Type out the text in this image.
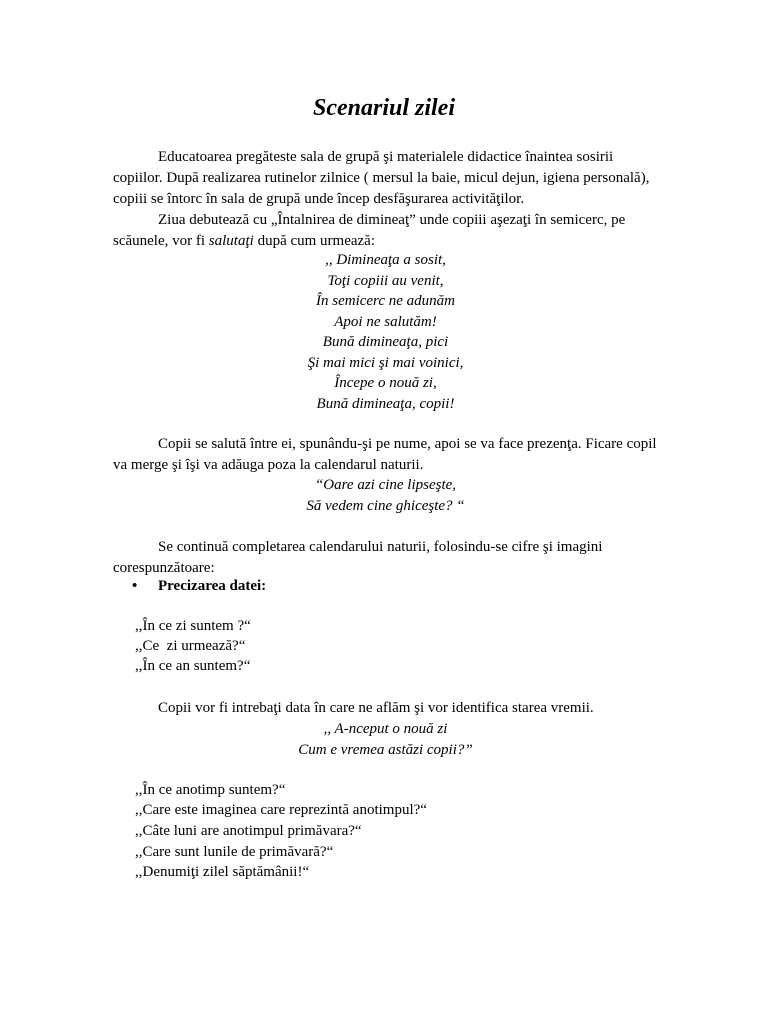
Scenariul zilei
Educatoarea pregăteste sala de grupă şi materialele didactice înaintea sosirii copiilor. După realizarea rutinelor zilnice ( mersul la baie, micul dejun, igiena personală), copiii se întorc în sala de grupă unde încep desfăşurarea activităţilor.
Ziua debutează cu „Întalnirea de dimineaţ” unde copiii aşezaţi în semicerc, pe scăunele, vor fi salutaţi după cum urmează:
,, Dimineaţa a sosit,
Toţi copiii au venit,
În semicerc ne adunăm
Apoi ne salutăm!
Bună dimineaţa, pici
Şi mai mici şi mai voinici,
Începe o nouă zi,
Bună dimineaţa, copii!
Copii se salută între ei, spunându-şi pe nume, apoi se va face prezenţa. Ficare copil va merge şi îşi va adăuga poza la calendarul naturii.
“Oare azi cine lipseşte,
Să vedem cine ghiceşte? “
Se continuă completarea calendarului naturii, folosindu-se cifre şi imagini corespunzătoare:
• Precizarea datei:
,,În ce zi suntem ?“
,,Ce  zi urmează?“
,,În ce an suntem?“
Copii vor fi intrebaţi data în care ne aflăm şi vor identifica starea vremii.
,, A-nceput o nouă zi
Cum e vremea astăzi copii?”
,,În ce anotimp suntem?“
,,Care este imaginea care reprezintă anotimpul?“
,,Câte luni are anotimpul primăvara?“
,,Care sunt lunile de primăvară?“
,,Denumiţi zilel săptămânii!“
